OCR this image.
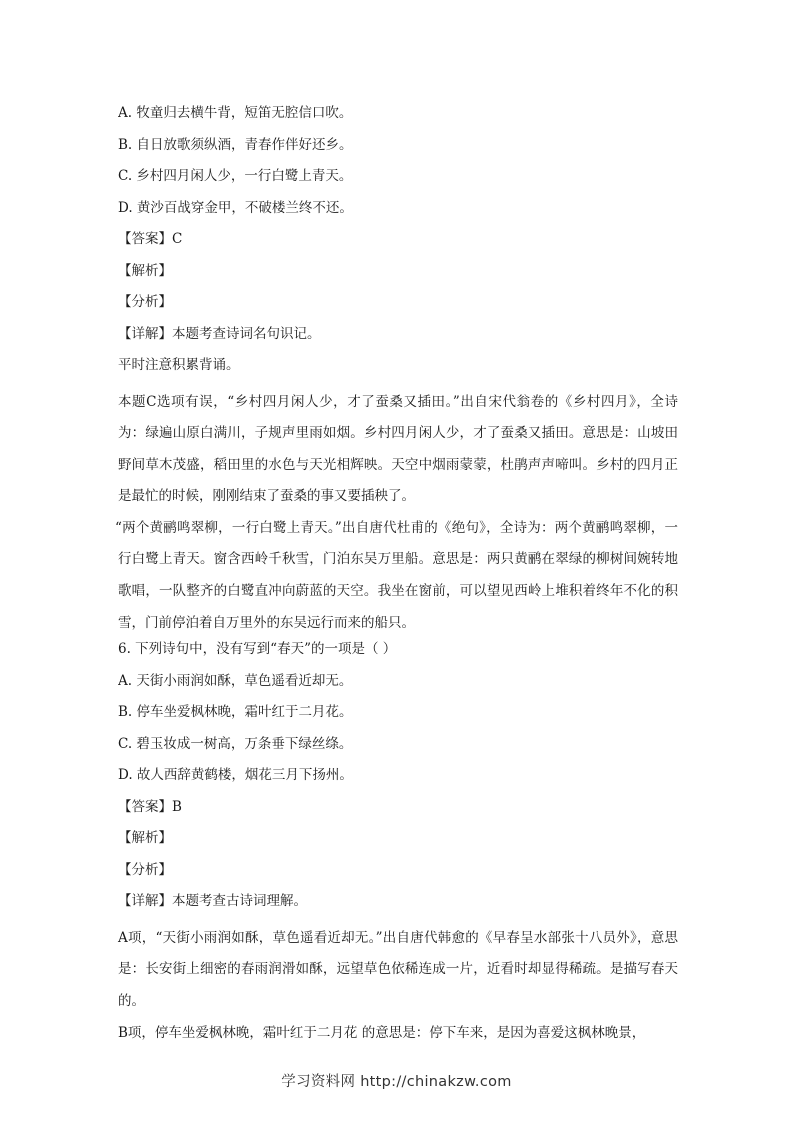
A. 牧童归去横牛背，短笛无腔信口吹。
B. 自日放歌须纵酒，青春作伴好还乡。
C. 乡村四月闲人少，一行白鹭上青天。
D. 黄沙百战穿金甲，不破楼兰终不还。
【答案】C
【解析】
【分析】
【详解】本题考查诗词名句识记。
平时注意积累背诵。

本题C选项有误，“乡村四月闲人少，才了蚕桑又插田。”出自宋代翁卷的《乡村四月》，全诗为：绿遍山原白满川，子规声里雨如烟。乡村四月闲人少，才了蚕桑又插田。意思是：山坡田野间草木茂盛，稻田里的水色与天光相辉映。天空中烟雨蒙蒙，杜鹃声声啼叫。乡村的四月正是最忙的时候，刚刚结束了蚕桑的事又要插秧了。

“两个黄鹂鸣翠柳，一行白鹭上青天。”出自唐代杜甫的《绝句》，全诗为：两个黄鹂鸣翠柳，一行白鹭上青天。窗含西岭千秋雪，门泊东吴万里船。意思是：两只黄鹂在翠绿的柳树间婉转地歌唱，一队整齐的白鹭直冲向蔚蓝的天空。我坐在窗前，可以望见西岭上堆积着终年不化的积雪，门前停泊着自万里外的东吴远行而来的船只。

6. 下列诗句中，没有写到“春天”的一项是（ ）
A. 天街小雨润如酥，草色遥看近却无。
B. 停车坐爱枫林晚，霜叶红于二月花。
C. 碧玉妆成一树高，万条垂下绿丝绦。
D. 故人西辞黄鹤楼，烟花三月下扬州。
【答案】B
【解析】
【分析】
【详解】本题考查古诗词理解。

A项，“天街小雨润如酥，草色遥看近却无。”出自唐代韩愈的《早春呈水部张十八员外》，意思是：长安街上细密的春雨润滑如酥，远望草色依稀连成一片，近看时却显得稀疏。是描写春天的。

B项，停车坐爱枫林晚，霜叶红于二月花 的意思是：停下车来，是因为喜爱这枫林晚景，

学习资料网 http://chinakzw.com
